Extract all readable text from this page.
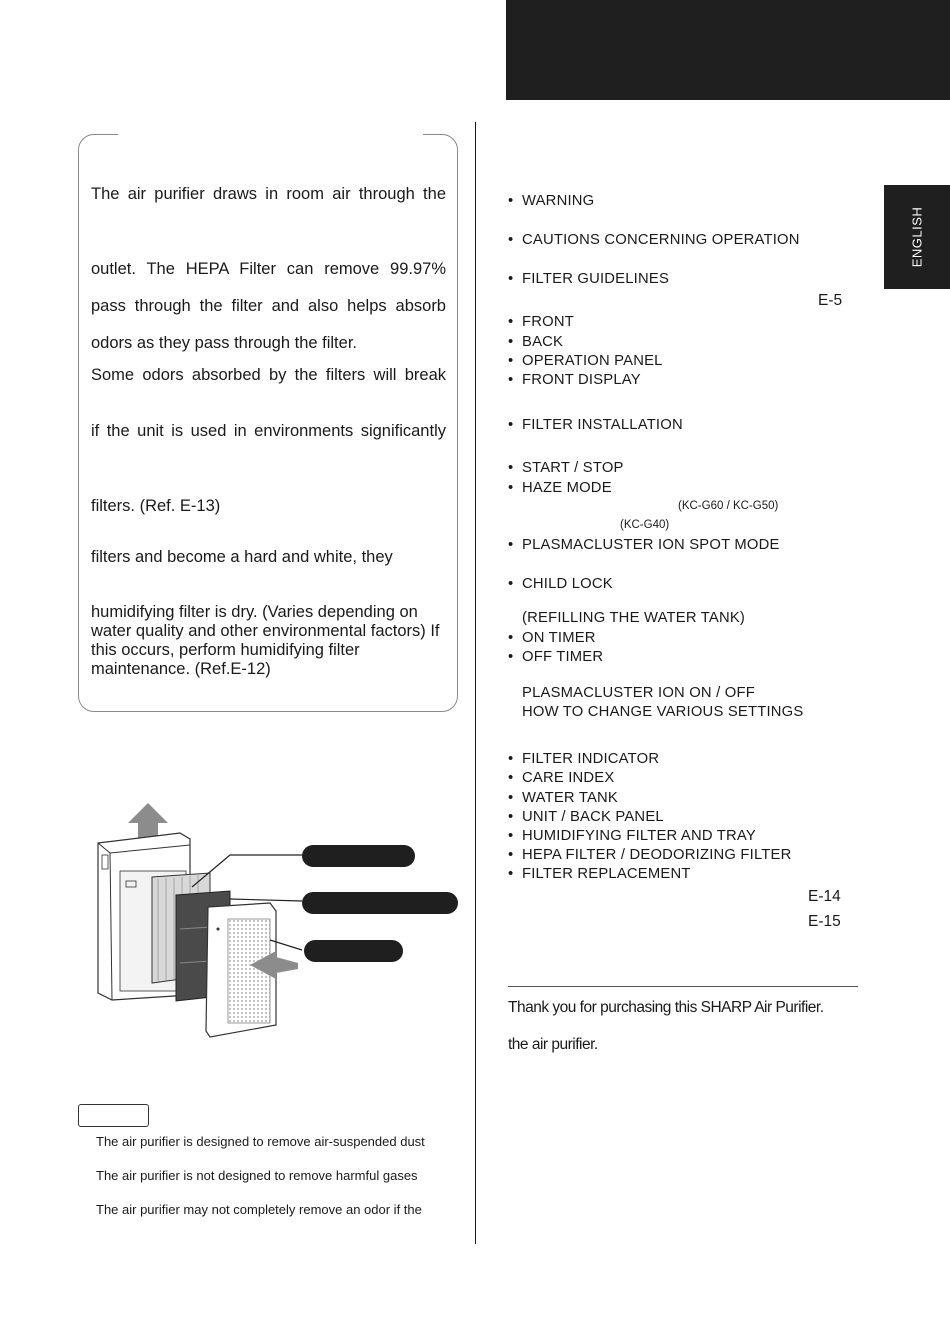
ENGLISH
The air purifier draws in room air through the
outlet. The HEPA Filter can remove 99.97%
pass through the filter and also helps absorb
odors as they pass through the filter.
Some odors absorbed by the filters will break
if the unit is used in environments significantly
filters. (Ref. E-13)
filters and become a hard and white, they
humidifying filter is dry. (Varies depending on water quality and other environmental factors) If this occurs, perform humidifying filter maintenance. (Ref.E-12)
The air purifier is designed to remove air-suspended dust
The air purifier is not designed to remove harmful gases
The air purifier may not completely remove an odor if the
• WARNING
• CAUTIONS CONCERNING OPERATION
• FILTER GUIDELINES
E-5
• FRONT
• BACK
• OPERATION PANEL
• FRONT DISPLAY
• FILTER INSTALLATION
• START / STOP
• HAZE MODE
(KC-G60 / KC-G50)
(KC-G40)
• PLASMACLUSTER ION SPOT MODE
• CHILD LOCK
(REFILLING THE WATER TANK)
• ON TIMER
• OFF TIMER
PLASMACLUSTER ION ON / OFF
HOW TO CHANGE VARIOUS SETTINGS
• FILTER INDICATOR
• CARE INDEX
• WATER TANK
• UNIT / BACK PANEL
• HUMIDIFYING FILTER AND TRAY
• HEPA FILTER / DEODORIZING FILTER
• FILTER REPLACEMENT
E-14
E-15
Thank you for purchasing this SHARP Air Purifier.
the air purifier.
